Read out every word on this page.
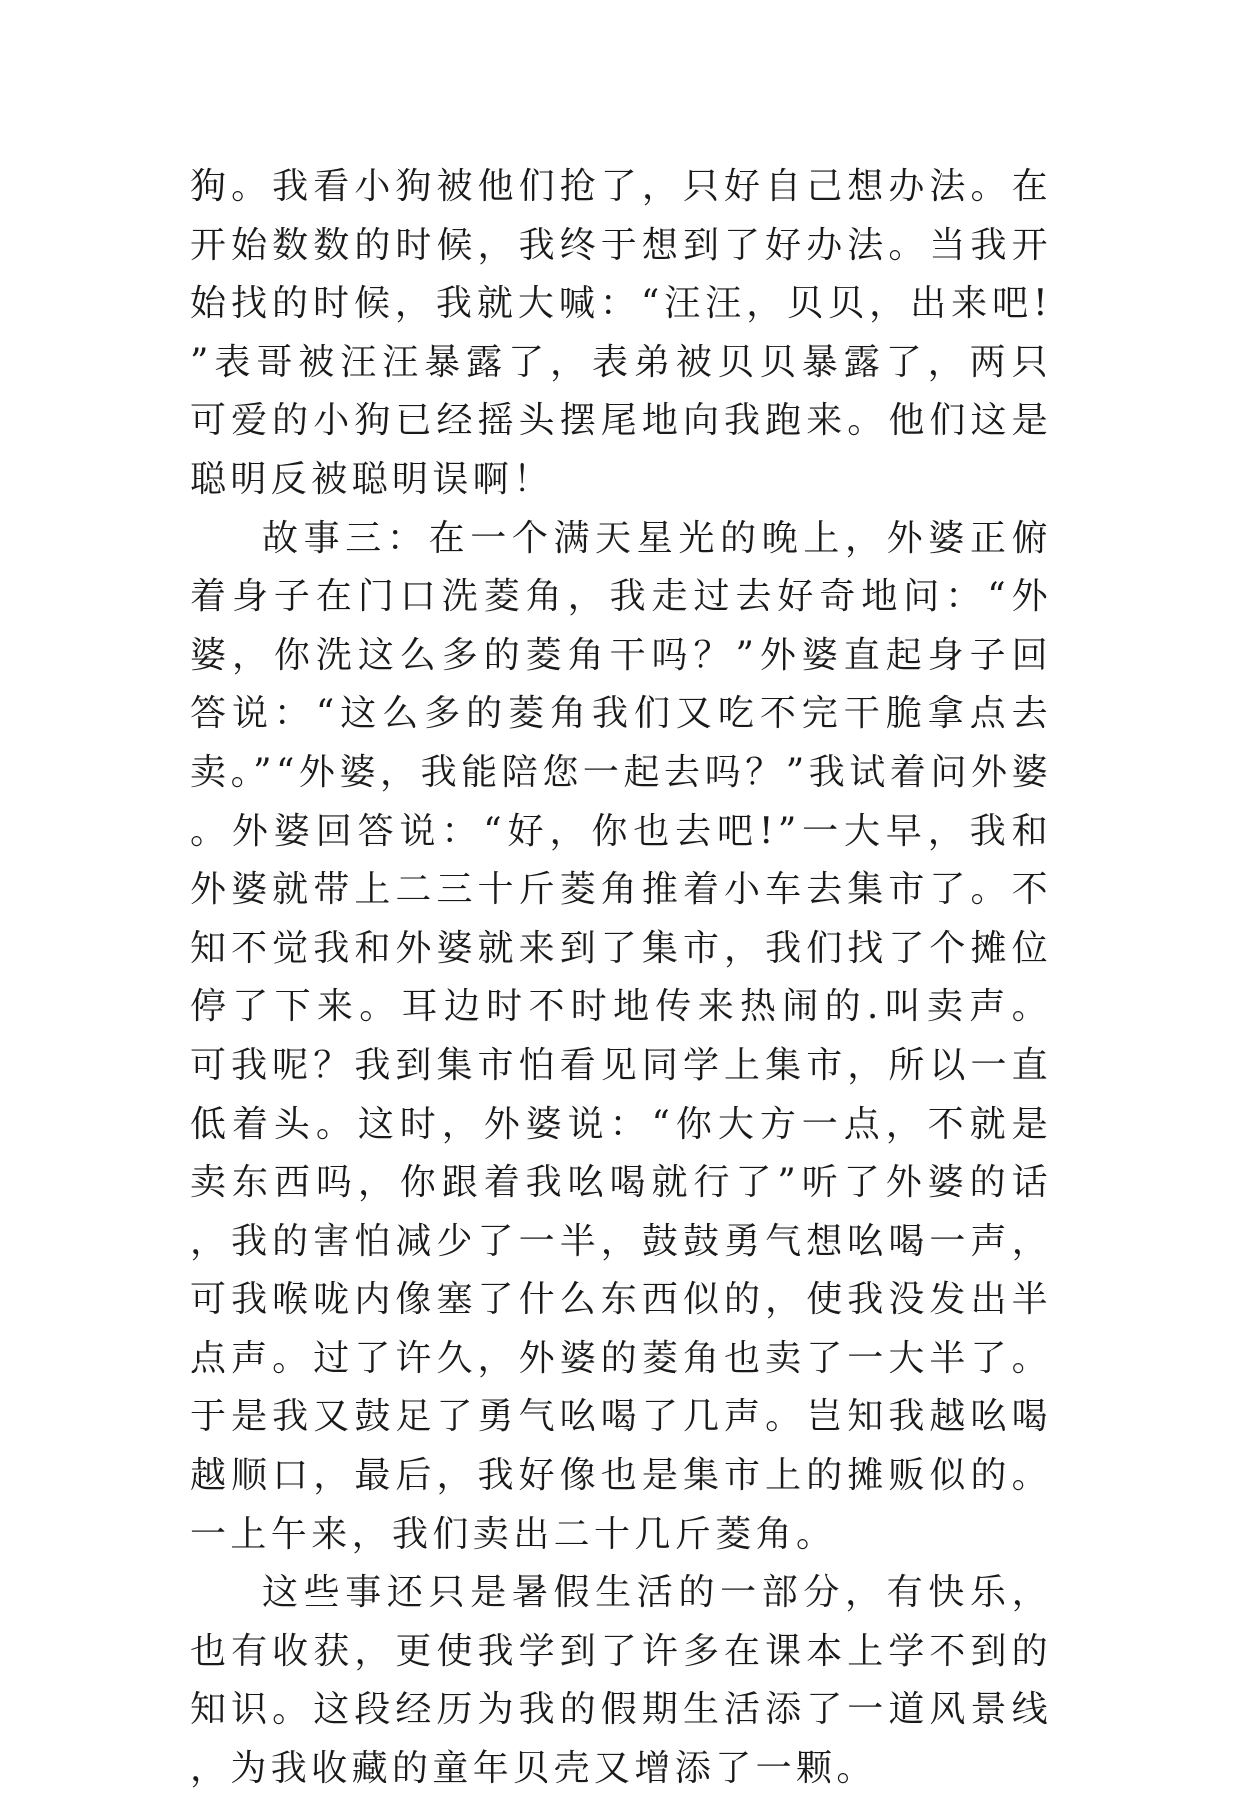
狗。我看小狗被他们抢了，只好自己想办法。在开始数数的时候，我终于想到了好办法。当我开始找的时候，我就大喊：“汪汪，贝贝，出来吧!”表哥被汪汪暴露了，表弟被贝贝暴露了，两只可爱的小狗已经摇头摆尾地向我跑来。他们这是聪明反被聪明误啊！

故事三：在一个满天星光的晚上，外婆正俯着身子在门口洗菱角，我走过去好奇地问：“外婆，你洗这么多的菱角干吗？”外婆直起身子回答说：“这么多的菱角我们又吃不完干脆拿点去卖。”“外婆，我能陪您一起去吗？”我试着问外婆。外婆回答说：“好，你也去吧!”一大早，我和外婆就带上二三十斤菱角推着小车去集市了。不知不觉我和外婆就来到了集市，我们找了个摊位停了下来。耳边时不时地传来热闹的.叫卖声。可我呢？我到集市怕看见同学上集市，所以一直低着头。这时，外婆说：“你大方一点，不就是卖东西吗，你跟着我吆喝就行了”听了外婆的话，我的害怕减少了一半，鼓鼓勇气想吆喝一声，可我喉咙内像塞了什么东西似的，使我没发出半点声。过了许久，外婆的菱角也卖了一大半了。于是我又鼓足了勇气吆喝了几声。岂知我越吆喝越顺口，最后，我好像也是集市上的摊贩似的。一上午来，我们卖出二十几斤菱角。

这些事还只是暑假生活的一部分，有快乐，也有收获，更使我学到了许多在课本上学不到的知识。这段经历为我的假期生活添了一道风景线，为我收藏的童年贝壳又增添了一颗。
